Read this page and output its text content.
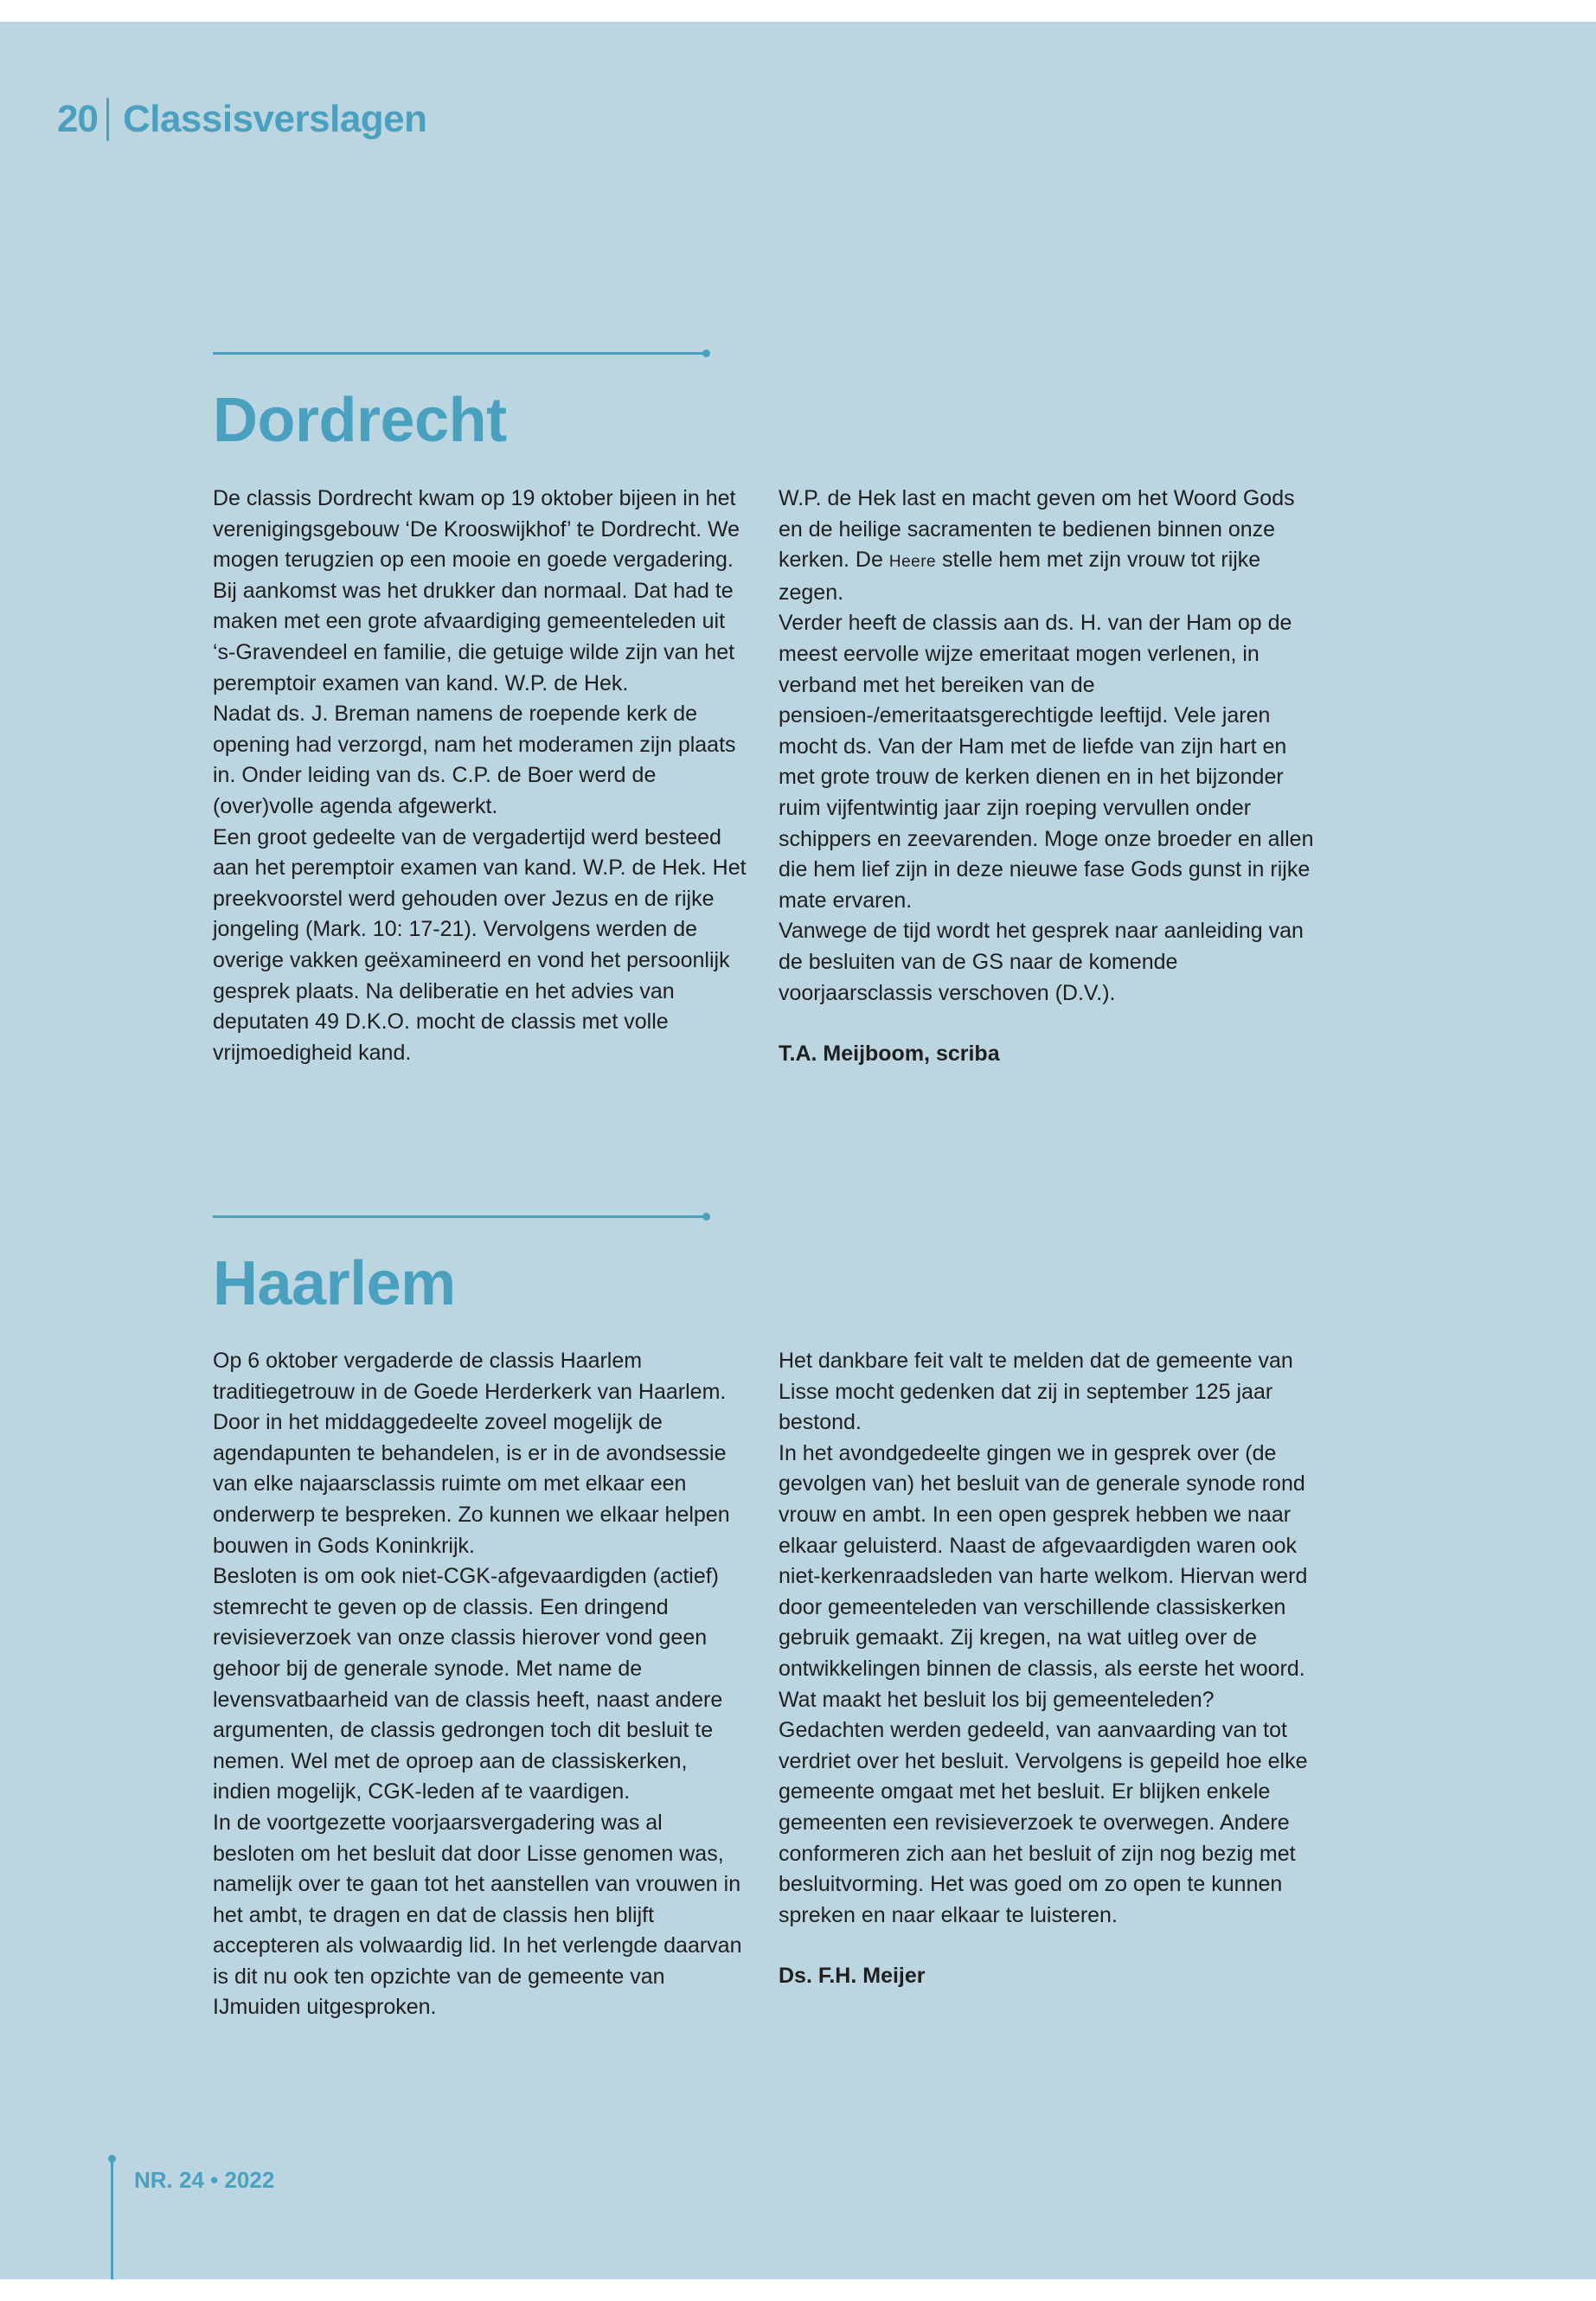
20 Classisverslagen
Dordrecht

De classis Dordrecht kwam op 19 oktober bijeen in het verenigingsgebouw ‘De Krooswijkhof’ te Dordrecht. We mogen terugzien op een mooie en goede vergadering. Bij aankomst was het drukker dan normaal. Dat had te maken met een grote afvaardiging gemeenteleden uit ‘s-Gravendeel en familie, die getuige wilde zijn van het peremptoir examen van kand. W.P. de Hek.

Nadat ds. J. Breman namens de roepende kerk de opening had verzorgd, nam het moderamen zijn plaats in. Onder leiding van ds. C.P. de Boer werd de (over)volle agenda afgewerkt.

Een groot gedeelte van de vergadertijd werd besteed aan het peremptoir examen van kand. W.P. de Hek. Het preekvoorstel werd gehouden over Jezus en de rijke jongeling (Mark. 10: 17-21). Vervolgens werden de overige vakken geëxamineerd en vond het persoonlijk gesprek plaats. Na deliberatie en het advies van deputaten 49 D.K.O. mocht de classis met volle vrijmoedigheid kand.

W.P. de Hek last en macht geven om het Woord Gods en de heilige sacramenten te bedienen binnen onze kerken. De Heere stelle hem met zijn vrouw tot rijke zegen.

Verder heeft de classis aan ds. H. van der Ham op de meest eervolle wijze emeritaat mogen verlenen, in verband met het bereiken van de pensioen-/emeritaatsgerechtigde leeftijd. Vele jaren mocht ds. Van der Ham met de liefde van zijn hart en met grote trouw de kerken dienen en in het bijzonder ruim vijfentwintig jaar zijn roeping vervullen onder schippers en zeevarenden. Moge onze broeder en allen die hem lief zijn in deze nieuwe fase Gods gunst in rijke mate ervaren.

Vanwege de tijd wordt het gesprek naar aanleiding van de besluiten van de GS naar de komende voorjaarsclassis verschoven (D.V.).

T.A. Meijboom, scriba

Haarlem

Op 6 oktober vergaderde de classis Haarlem traditiegetrouw in de Goede Herderkerk van Haarlem. Door in het middaggedeelte zoveel mogelijk de agendapunten te behandelen, is er in de avondsessie van elke najaarsclassis ruimte om met elkaar een onderwerp te bespreken. Zo kunnen we elkaar helpen bouwen in Gods Koninkrijk.

Besloten is om ook niet-CGK-afgevaardigden (actief) stemrecht te geven op de classis. Een dringend revisieverzoek van onze classis hierover vond geen gehoor bij de generale synode. Met name de levensvatbaarheid van de classis heeft, naast andere argumenten, de classis gedrongen toch dit besluit te nemen. Wel met de oproep aan de classiskerken, indien mogelijk, CGK-leden af te vaardigen.

In de voortgezette voorjaarsvergadering was al besloten om het besluit dat door Lisse genomen was, namelijk over te gaan tot het aanstellen van vrouwen in het ambt, te dragen en dat de classis hen blijft accepteren als volwaardig lid. In het verlengde daarvan is dit nu ook ten opzichte van de gemeente van IJmuiden uitgesproken.

Het dankbare feit valt te melden dat de gemeente van Lisse mocht gedenken dat zij in september 125 jaar bestond.

In het avondgedeelte gingen we in gesprek over (de gevolgen van) het besluit van de generale synode rond vrouw en ambt. In een open gesprek hebben we naar elkaar geluisterd. Naast de afgevaardigden waren ook niet-kerkenraadsleden van harte welkom. Hiervan werd door gemeenteleden van verschillende classiskerken gebruik gemaakt. Zij kregen, na wat uitleg over de ontwikkelingen binnen de classis, als eerste het woord. Wat maakt het besluit los bij gemeenteleden? Gedachten werden gedeeld, van aanvaarding van tot verdriet over het besluit. Vervolgens is gepeild hoe elke gemeente omgaat met het besluit. Er blijken enkele gemeenten een revisieverzoek te overwegen. Andere conformeren zich aan het besluit of zijn nog bezig met besluitvorming. Het was goed om zo open te kunnen spreken en naar elkaar te luisteren.

Ds. F.H. Meijer

NR. 24 • 2022
